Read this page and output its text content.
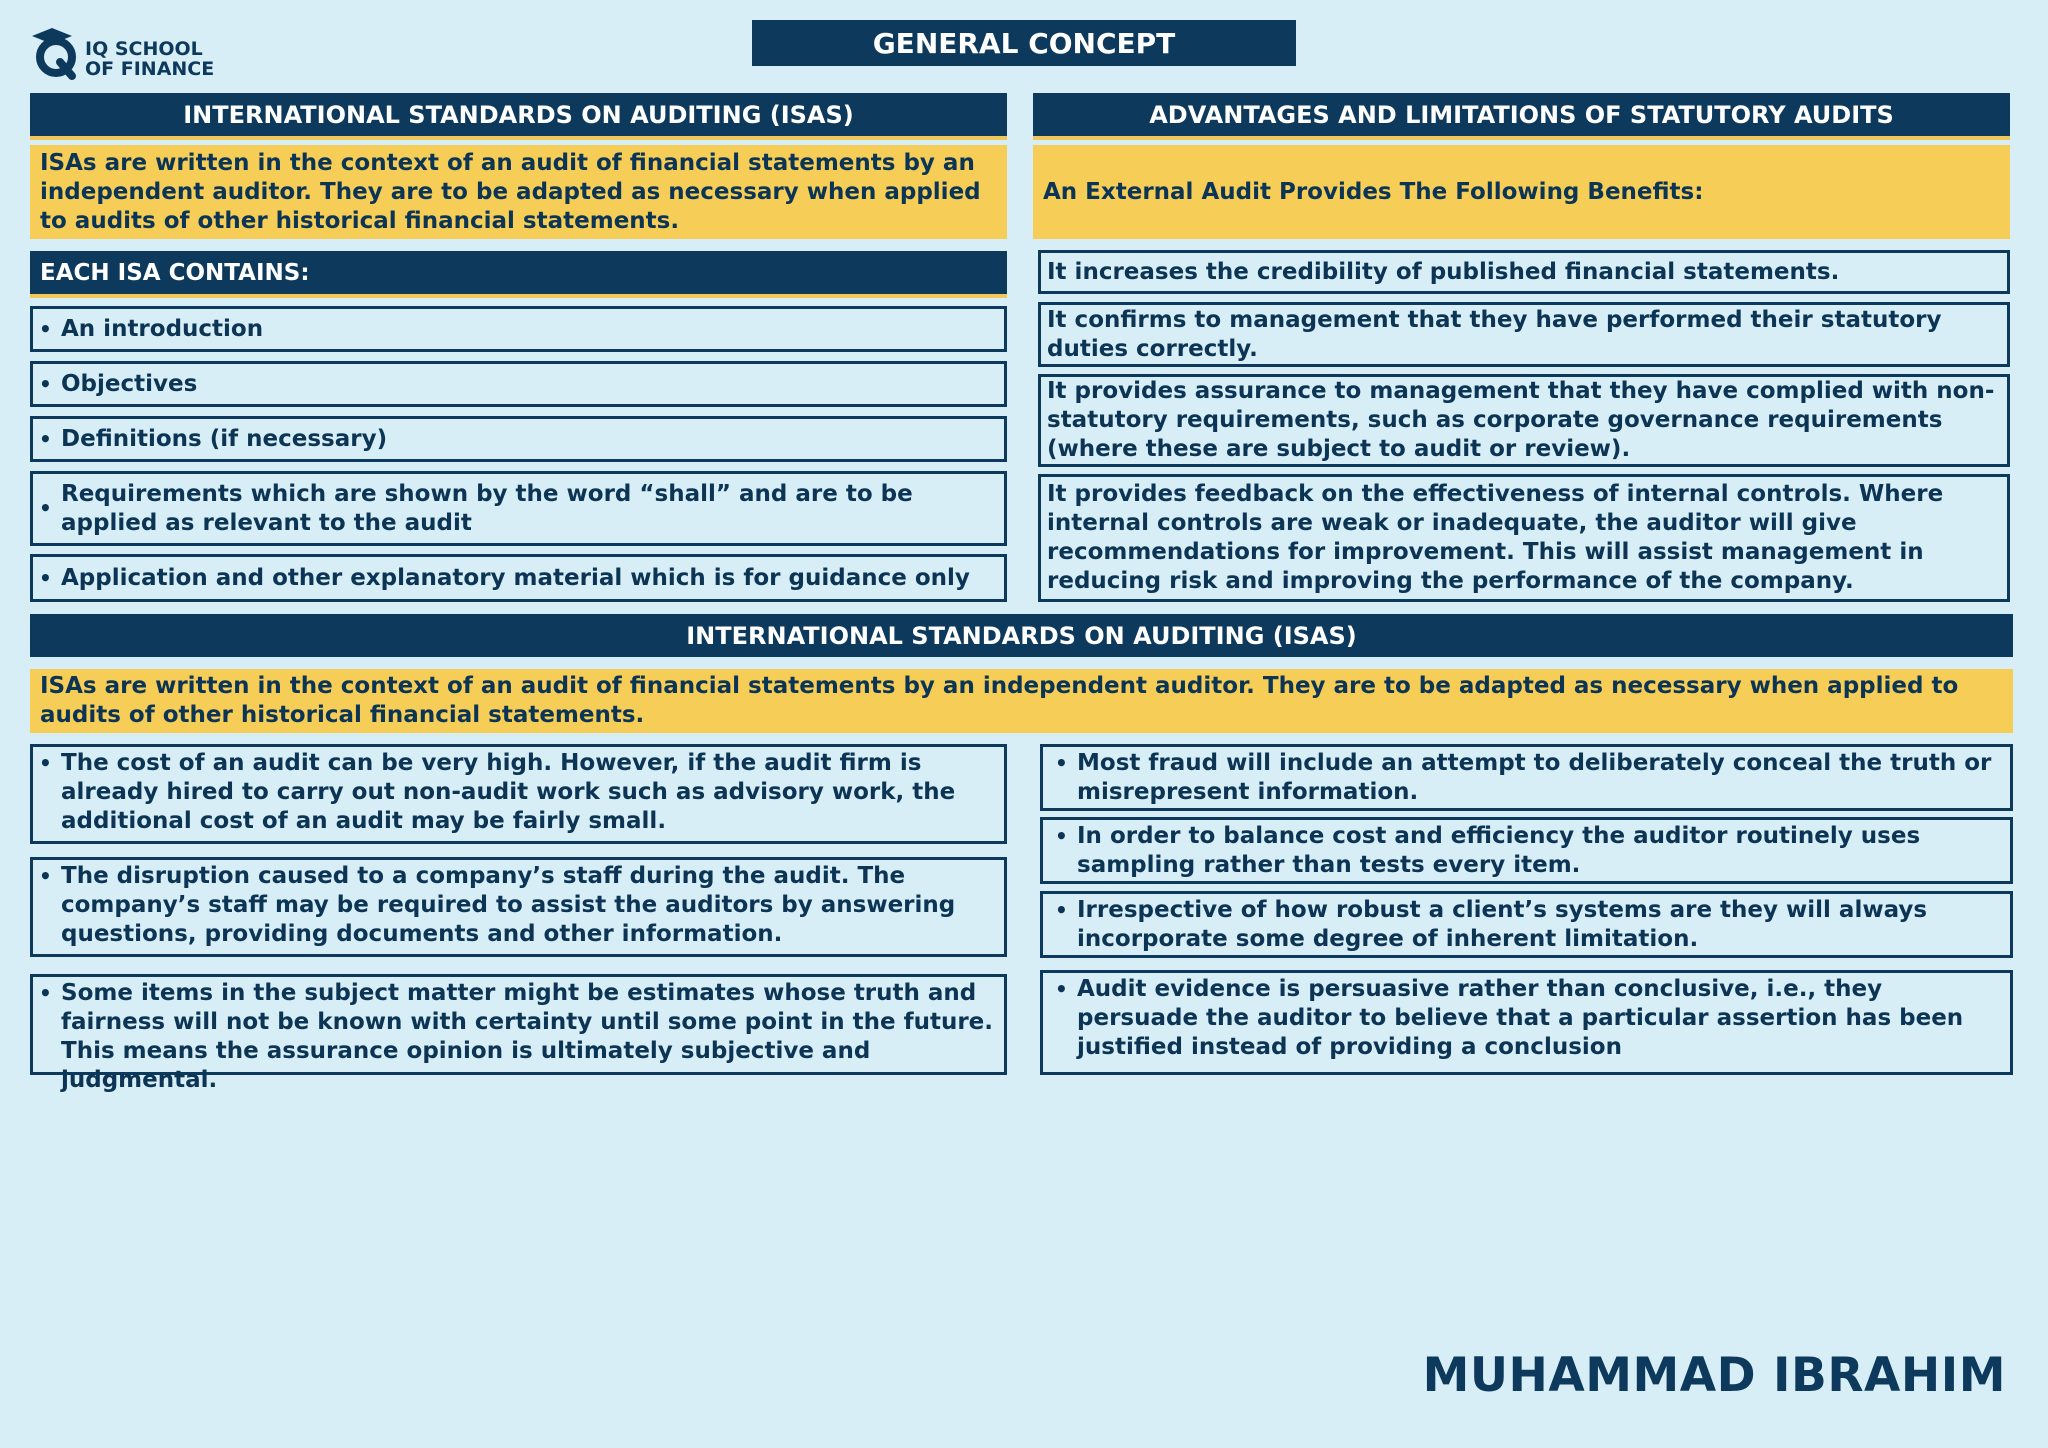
IQ SCHOOL
OF FINANCE
GENERAL CONCEPT
INTERNATIONAL STANDARDS ON AUDITING (ISAS)
ISAs are written in the context of an audit of financial statements by an independent auditor. They are to be adapted as necessary when applied to audits of other historical financial statements.
EACH ISA CONTAINS:
• An introduction
• Objectives
• Definitions (if necessary)
•
Requirements which are shown by the word “shall” and are to be applied as relevant to the audit
• Application and other explanatory material which is for guidance only
ADVANTAGES AND LIMITATIONS OF STATUTORY AUDITS
An External Audit Provides The Following Benefits:
It increases the credibility of published financial statements.
It confirms to management that they have performed their statutory duties correctly.
It provides assurance to management that they have complied with non-statutory requirements, such as corporate governance requirements (where these are subject to audit or review).
It provides feedback on the effectiveness of internal controls. Where internal controls are weak or inadequate, the auditor will give recommendations for improvement. This will assist management in reducing risk and improving the performance of the company.
INTERNATIONAL STANDARDS ON AUDITING (ISAS)
ISAs are written in the context of an audit of financial statements by an independent auditor. They are to be adapted as necessary when applied to audits of other historical financial statements.
• The cost of an audit can be very high. However, if the audit firm is already hired to carry out non-audit work such as advisory work, the additional cost of an audit may be fairly small.
• The disruption caused to a company’s staff during the audit. The company’s staff may be required to assist the auditors by answering questions, providing documents and other information.
• Some items in the subject matter might be estimates whose truth and fairness will not be known with certainty until some point in the future. This means the assurance opinion is ultimately subjective and judgmental.
• Most fraud will include an attempt to deliberately conceal the truth or misrepresent information.
• In order to balance cost and efficiency the auditor routinely uses sampling rather than tests every item.
• Irrespective of how robust a client’s systems are they will always incorporate some degree of inherent limitation.
• Audit evidence is persuasive rather than conclusive, i.e., they persuade the auditor to believe that a particular assertion has been justified instead of providing a conclusion
MUHAMMAD IBRAHIM
